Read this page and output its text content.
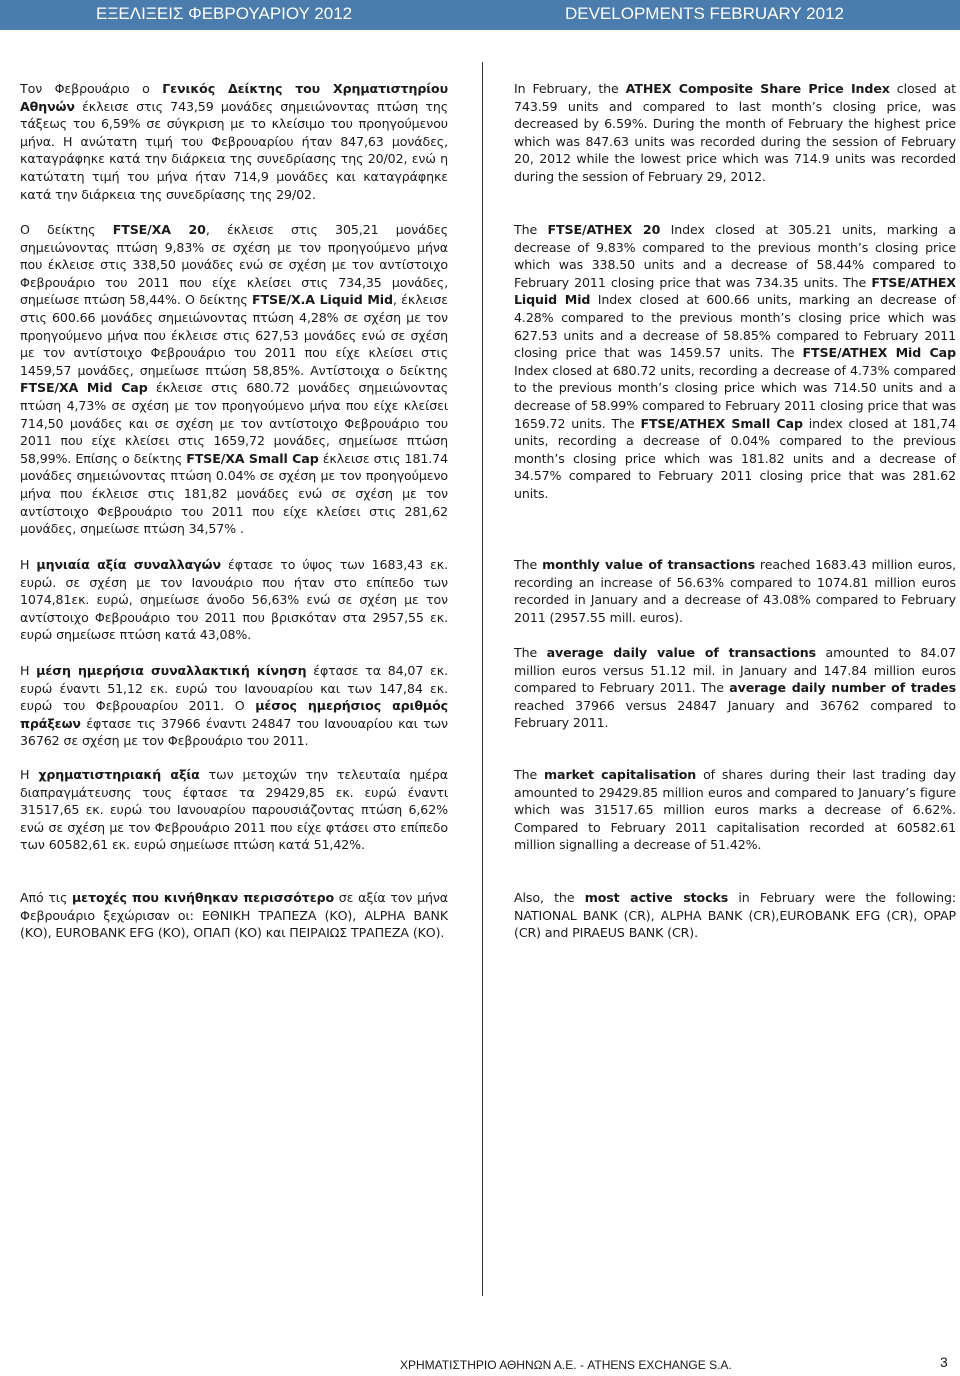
ΕΞΕΛΙΞΕΙΣ ΦΕΒΡΟΥΑΡΙΟΥ 2012	DEVELOPMENTS FEBRUARY 2012

Τον Φεβρουάριο ο Γενικός Δείκτης του Χρηματιστηρίου Αθηνών έκλεισε στις 743,59 μονάδες σημειώνοντας πτώση της τάξεως του 6,59% σε σύγκριση με το κλείσιμο του προηγούμενου μήνα. Η ανώτατη τιμή του Φεβρουαρίου ήταν 847,63 μονάδες, καταγράφηκε κατά την διάρκεια της συνεδρίασης της 20/02, ενώ η κατώτατη τιμή του μήνα ήταν 714,9 μονάδες και καταγράφηκε κατά την διάρκεια της συνεδρίασης της 29/02.

Ο δείκτης FTSE/ΧΑ 20, έκλεισε στις 305,21 μονάδες σημειώνοντας πτώση 9,83% σε σχέση με τον προηγούμενο μήνα που έκλεισε στις 338,50 μονάδες ενώ σε σχέση με τον αντίστοιχο Φεβρουάριο του 2011 που είχε κλείσει στις 734,35 μονάδες, σημείωσε πτώση 58,44%. Ο δείκτης FTSE/X.A Liquid Mid, έκλεισε στις 600.66 μονάδες σημειώνοντας πτώση 4,28% σε σχέση με τον προηγούμενο μήνα που έκλεισε στις 627,53 μονάδες ενώ σε σχέση με τον αντίστοιχο Φεβρουάριο του 2011 που είχε κλείσει στις 1459,57 μονάδες, σημείωσε πτώση 58,85%. Αντίστοιχα ο δείκτης FTSE/XA Mid Cap έκλεισε στις 680.72 μονάδες σημειώνοντας πτώση 4,73% σε σχέση με τον προηγούμενο μήνα που είχε κλείσει 714,50 μονάδες και σε σχέση με τον αντίστοιχο Φεβρουάριο του 2011 που είχε κλείσει στις 1659,72 μονάδες, σημείωσε πτώση 58,99%. Επίσης ο δείκτης FTSE/XA Small Cap έκλεισε στις 181.74 μονάδες σημειώνοντας πτώση 0.04% σε σχέση με τον προηγούμενο μήνα που έκλεισε στις 181,82 μονάδες ενώ σε σχέση με τον αντίστοιχο Φεβρουάριο του 2011 που είχε κλείσει στις 281,62 μονάδες, σημείωσε πτώση 34,57% .

Η μηνιαία αξία συναλλαγών έφτασε το ύψος των 1683,43 εκ. ευρώ. σε σχέση με τον Ιανουάριο που ήταν στο επίπεδο των 1074,81εκ. ευρώ, σημείωσε άνοδο 56,63% ενώ σε σχέση με τον αντίστοιχο Φεβρουάριο του 2011 που βρισκόταν στα 2957,55 εκ. ευρώ σημείωσε πτώση κατά 43,08%.

Η μέση ημερήσια συναλλακτική κίνηση έφτασε τα 84,07 εκ. ευρώ έναντι 51,12 εκ. ευρώ του Ιανουαρίου και των 147,84 εκ. ευρώ του Φεβρουαρίου 2011. Ο μέσος ημερήσιος αριθμός πράξεων έφτασε τις 37966 έναντι 24847 του Ιανουαρίου και των 36762 σε σχέση με τον Φεβρουάριο του 2011.

Η χρηματιστηριακή αξία των μετοχών την τελευταία ημέρα διαπραγμάτευσης τους έφτασε τα 29429,85 εκ. ευρώ έναντι 31517,65 εκ. ευρώ του Ιανουαρίου παρουσιάζοντας πτώση 6,62% ενώ σε σχέση με τον Φεβρουάριο 2011 που είχε φτάσει στο επίπεδο των 60582,61 εκ. ευρώ σημείωσε πτώση κατά 51,42%.

Από τις μετοχές που κινήθηκαν περισσότερο σε αξία τον μήνα Φεβρουάριο ξεχώρισαν οι: ΕΘΝΙΚΗ ΤΡΑΠΕΖΑ (ΚΟ), ALPHA BANK (ΚΟ), EUROBANK EFG (ΚΟ), ΟΠΑΠ (ΚΟ) και ΠΕΙΡΑΙΩΣ ΤΡΑΠΕΖΑ (ΚΟ).

In February, the ATHEX Composite Share Price Index closed at 743.59 units and compared to last month’s closing price, was decreased by 6.59%. During the month of February the highest price which was 847.63 units was recorded during the session of February 20, 2012 while the lowest price which was 714.9 units was recorded during the session of February 29, 2012.

The FTSE/ATHEX 20 Index closed at 305.21 units, marking a decrease of 9.83% compared to the previous month’s closing price which was 338.50 units and a decrease of 58.44% compared to February 2011 closing price that was 734.35 units. The FTSE/ATHEX Liquid Mid Index closed at 600.66 units, marking an decrease of 4.28% compared to the previous month’s closing price which was 627.53 units and a decrease of 58.85% compared to February 2011 closing price that was 1459.57 units. The FTSE/ATHEX Mid Cap Index closed at 680.72 units, recording a decrease of 4.73% compared to the previous month’s closing price which was 714.50 units and a decrease of 58.99% compared to February 2011 closing price that was 1659.72 units. The FTSE/ATHEX Small Cap index closed at 181,74 units, recording a decrease of 0.04% compared to the previous month’s closing price which was 181.82 units and a decrease of 34.57% compared to February 2011 closing price that was 281.62 units.

The monthly value of transactions reached 1683.43 million euros, recording an increase of 56.63% compared to 1074.81 million euros recorded in January and a decrease of 43.08% compared to February 2011 (2957.55 mill. euros).

The average daily value of transactions amounted to 84.07 million euros versus 51.12 mil. in January and 147.84 million euros compared to February 2011. The average daily number of trades reached 37966 versus 24847 January and 36762 compared to February 2011.

The market capitalisation of shares during their last trading day amounted to 29429.85 million euros and compared to January’s figure which was 31517.65 million euros marks a decrease of 6.62%. Compared to February 2011 capitalisation recorded at 60582.61 million signalling a decrease of 51.42%.

Also, the most active stocks in February were the following: NATIONAL BANK (CR), ALPHA BANK (CR),EUROBANK EFG (CR), OPAP (CR) and PIRAEUS BANK (CR).

ΧΡΗΜΑΤΙΣΤΗΡΙΟ ΑΘΗΝΩΝ Α.Ε. - ATHENS EXCHANGE S.A.	3
